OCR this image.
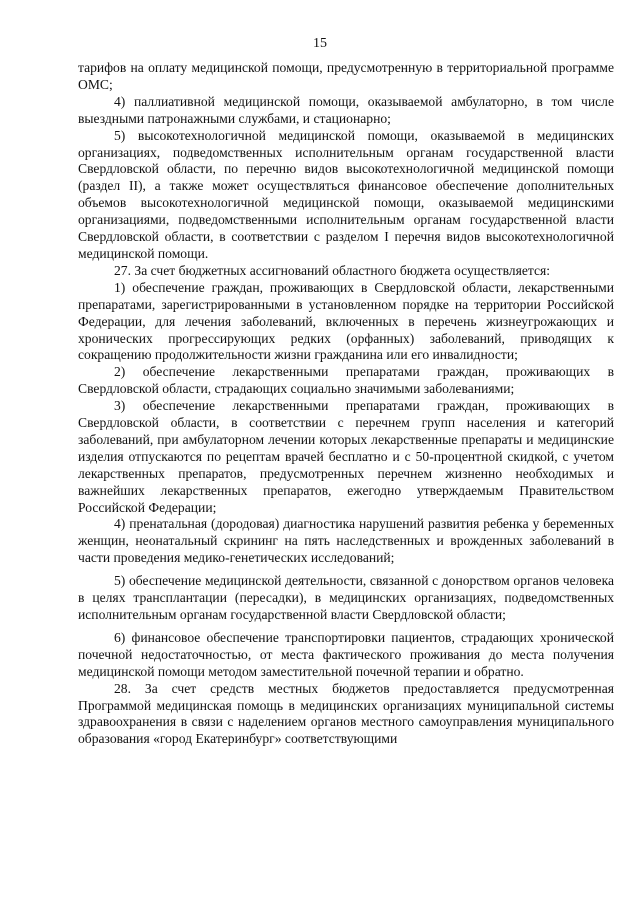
15

тарифов на оплату медицинской помощи, предусмотренную в территориальной программе ОМС;

4) паллиативной медицинской помощи, оказываемой амбулаторно, в том числе выездными патронажными службами, и стационарно;

5) высокотехнологичной медицинской помощи, оказываемой в медицинских организациях, подведомственных исполнительным органам государственной власти Свердловской области, по перечню видов высокотехнологичной медицинской помощи (раздел II), а также может осуществляться финансовое обеспечение дополнительных объемов высокотехнологичной медицинской помощи, оказываемой медицинскими организациями, подведомственными исполнительным органам государственной власти Свердловской области, в соответствии с разделом I перечня видов высокотехнологичной медицинской помощи.

27. За счет бюджетных ассигнований областного бюджета осуществляется:

1) обеспечение граждан, проживающих в Свердловской области, лекарственными препаратами, зарегистрированными в установленном порядке на территории Российской Федерации, для лечения заболеваний, включенных в перечень жизнеугрожающих и хронических прогрессирующих редких (орфанных) заболеваний, приводящих к сокращению продолжительности жизни гражданина или его инвалидности;

2) обеспечение лекарственными препаратами граждан, проживающих в Свердловской области, страдающих социально значимыми заболеваниями;

3) обеспечение лекарственными препаратами граждан, проживающих в Свердловской области, в соответствии с перечнем групп населения и категорий заболеваний, при амбулаторном лечении которых лекарственные препараты и медицинские изделия отпускаются по рецептам врачей бесплатно и с 50-процентной скидкой, с учетом лекарственных препаратов, предусмотренных перечнем жизненно необходимых и важнейших лекарственных препаратов, ежегодно утверждаемым Правительством Российской Федерации;

4) пренатальная (дородовая) диагностика нарушений развития ребенка у беременных женщин, неонатальный скрининг на пять наследственных и врожденных заболеваний в части проведения медико-генетических исследований;

5) обеспечение медицинской деятельности, связанной с донорством органов человека в целях трансплантации (пересадки), в медицинских организациях, подведомственных исполнительным органам государственной власти Свердловской области;

6) финансовое обеспечение транспортировки пациентов, страдающих хронической почечной недостаточностью, от места фактического проживания до места получения медицинской помощи методом заместительной почечной терапии и обратно.

28. За счет средств местных бюджетов предоставляется предусмотренная Программой медицинская помощь в медицинских организациях муниципальной системы здравоохранения в связи с наделением органов местного самоуправления муниципального образования «город Екатеринбург» соответствующими
